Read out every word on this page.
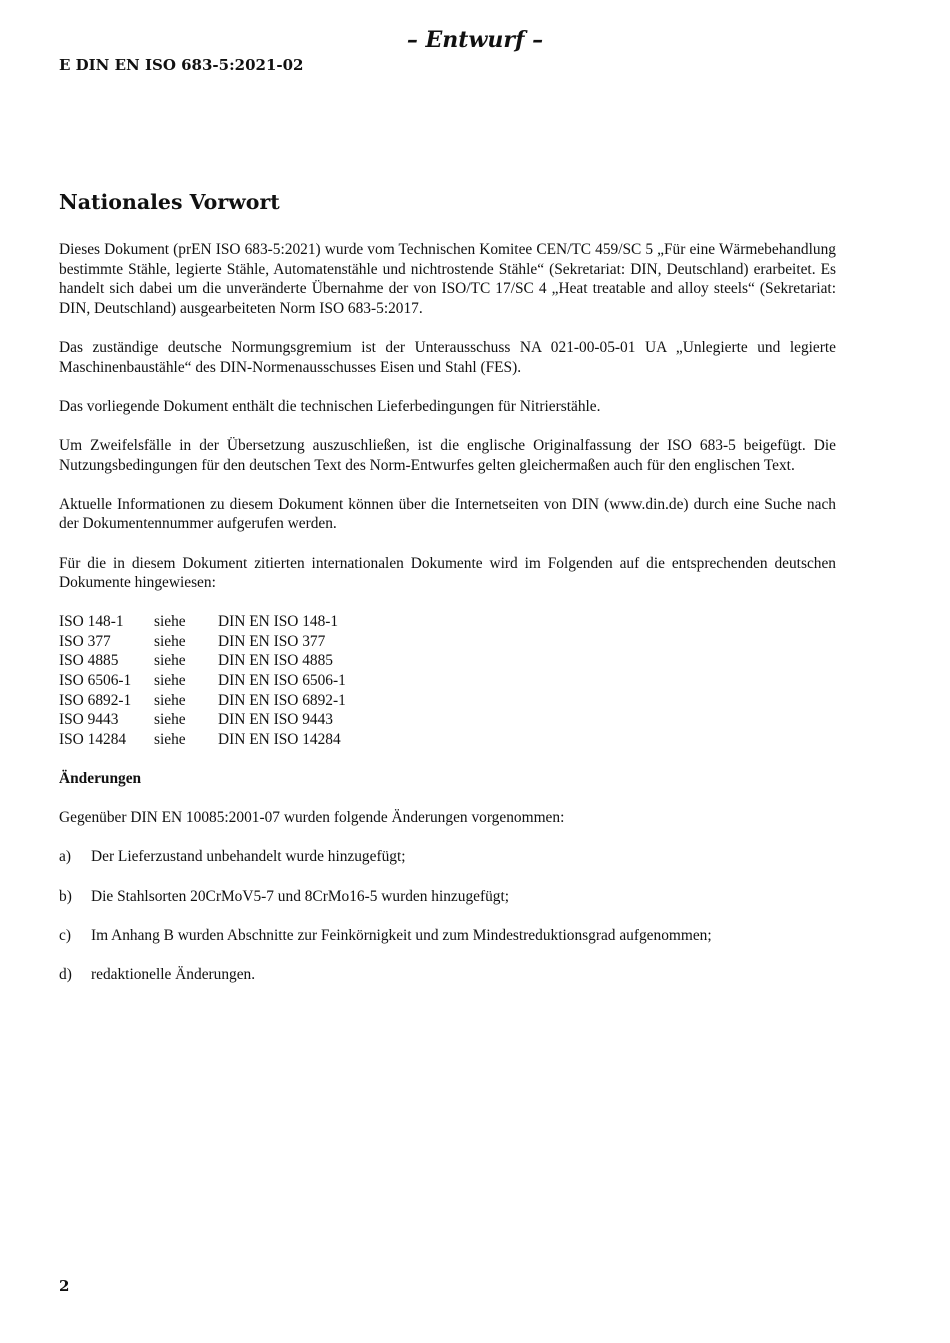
– Entwurf –
E DIN EN ISO 683-5:2021-02
Nationales Vorwort

Dieses Dokument (prEN ISO 683-5:2021) wurde vom Technischen Komitee CEN/TC 459/SC 5 „Für eine Wärmebehandlung bestimmte Stähle, legierte Stähle, Automatenstähle und nichtrostende Stähle“ (Sekretariat: DIN, Deutschland) erarbeitet. Es handelt sich dabei um die unveränderte Übernahme der von ISO/TC 17/SC 4 „Heat treatable and alloy steels“ (Sekretariat: DIN, Deutschland) ausgearbeiteten Norm ISO 683-5:2017.

Das zuständige deutsche Normungsgremium ist der Unterausschuss NA 021-00-05-01 UA „Unlegierte und legierte Maschinenbaustähle“ des DIN-Normenausschusses Eisen und Stahl (FES).

Das vorliegende Dokument enthält die technischen Lieferbedingungen für Nitrierstähle.

Um Zweifelsfälle in der Übersetzung auszuschließen, ist die englische Originalfassung der ISO 683-5 beigefügt. Die Nutzungsbedingungen für den deutschen Text des Norm-Entwurfes gelten gleichermaßen auch für den englischen Text.

Aktuelle Informationen zu diesem Dokument können über die Internetseiten von DIN (www.din.de) durch eine Suche nach der Dokumentennummer aufgerufen werden.

Für die in diesem Dokument zitierten internationalen Dokumente wird im Folgenden auf die entsprechenden deutschen Dokumente hingewiesen:

ISO 148-1	siehe	DIN EN ISO 148-1
ISO 377	siehe	DIN EN ISO 377
ISO 4885	siehe	DIN EN ISO 4885
ISO 6506-1	siehe	DIN EN ISO 6506-1
ISO 6892-1	siehe	DIN EN ISO 6892-1
ISO 9443	siehe	DIN EN ISO 9443
ISO 14284	siehe	DIN EN ISO 14284
Änderungen

Gegenüber DIN EN 10085:2001-07 wurden folgende Änderungen vorgenommen:

a)	Der Lieferzustand unbehandelt wurde hinzugefügt;
b)	Die Stahlsorten 20CrMoV5-7 und 8CrMo16-5 wurden hinzugefügt;
c)	Im Anhang B wurden Abschnitte zur Feinkörnigkeit und zum Mindestreduktionsgrad aufgenommen;
d)	redaktionelle Änderungen.
2
